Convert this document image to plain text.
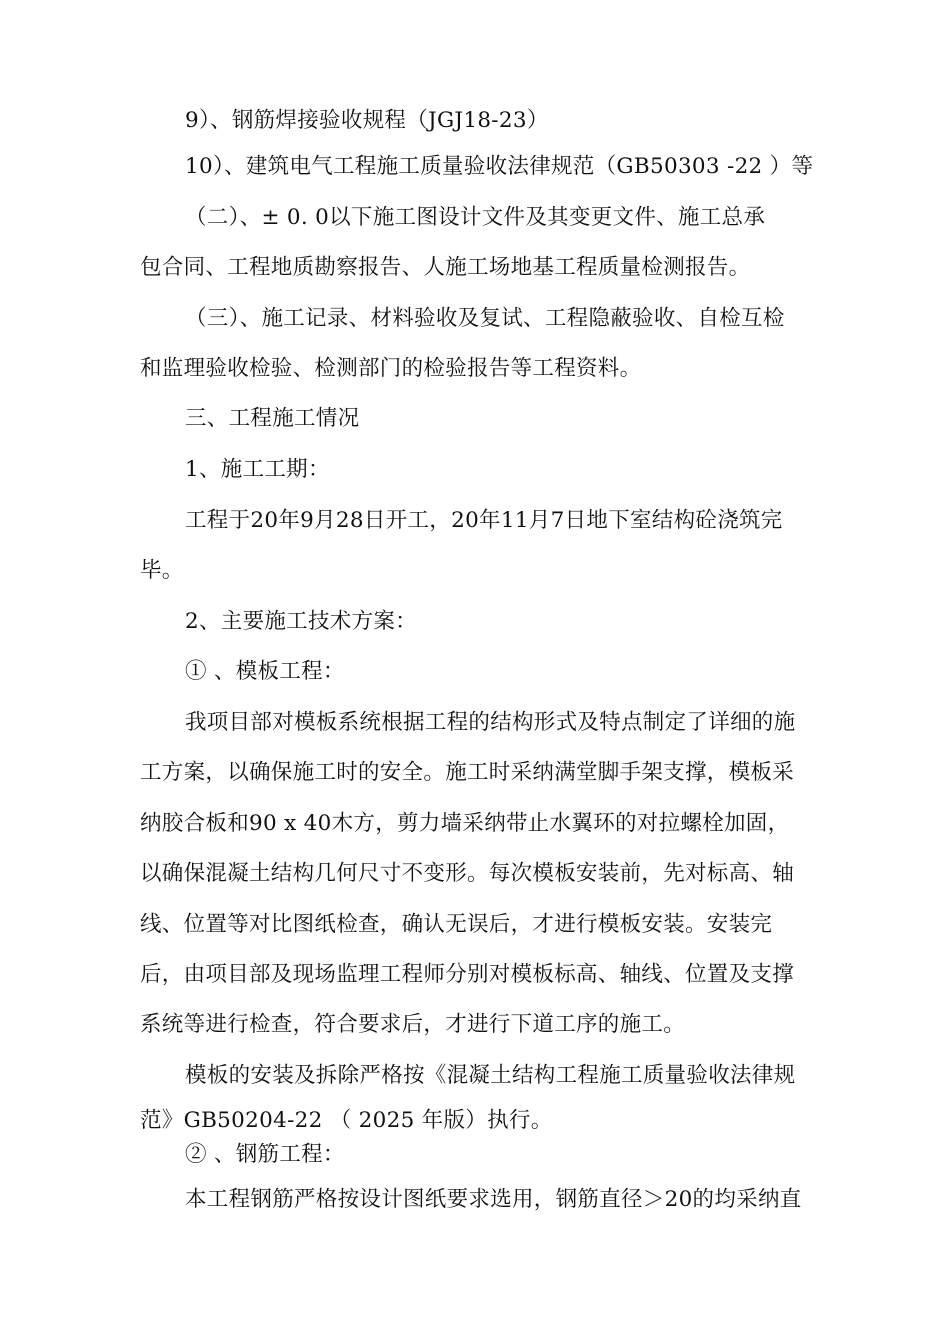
9）、钢筋焊接验收规程（JGJ18-23）
10）、建筑电气工程施工质量验收法律规范（GB50303 -22 ）等
（二）、± 0. 0以下施工图设计文件及其变更文件、施工总承
包合同、工程地质勘察报告、人施工场地基工程质量检测报告。
（三）、施工记录、材料验收及复试、工程隐蔽验收、自检互检
和监理验收检验、检测部门的检验报告等工程资料。
三、工程施工情况
1、施工工期：
工程于20年9月28日开工，20年11月7日地下室结构砼浇筑完
毕。
2、主要施工技术方案：
① 、模板工程：
我项目部对模板系统根据工程的结构形式及特点制定了详细的施
工方案，以确保施工时的安全。施工时采纳满堂脚手架支撑，模板采
纳胶合板和90 x 40木方，剪力墙采纳带止水翼环的对拉螺栓加固，
以确保混凝土结构几何尺寸不变形。每次模板安装前，先对标高、轴
线、位置等对比图纸检查，确认无误后，才进行模板安装。安装完
后，由项目部及现场监理工程师分别对模板标高、轴线、位置及支撑
系统等进行检查，符合要求后，才进行下道工序的施工。
模板的安装及拆除严格按《混凝土结构工程施工质量验收法律规
范》GB50204-22 （ 2025 年版）执行。
② 、钢筋工程：
本工程钢筋严格按设计图纸要求选用，钢筋直径＞20的均采纳直
